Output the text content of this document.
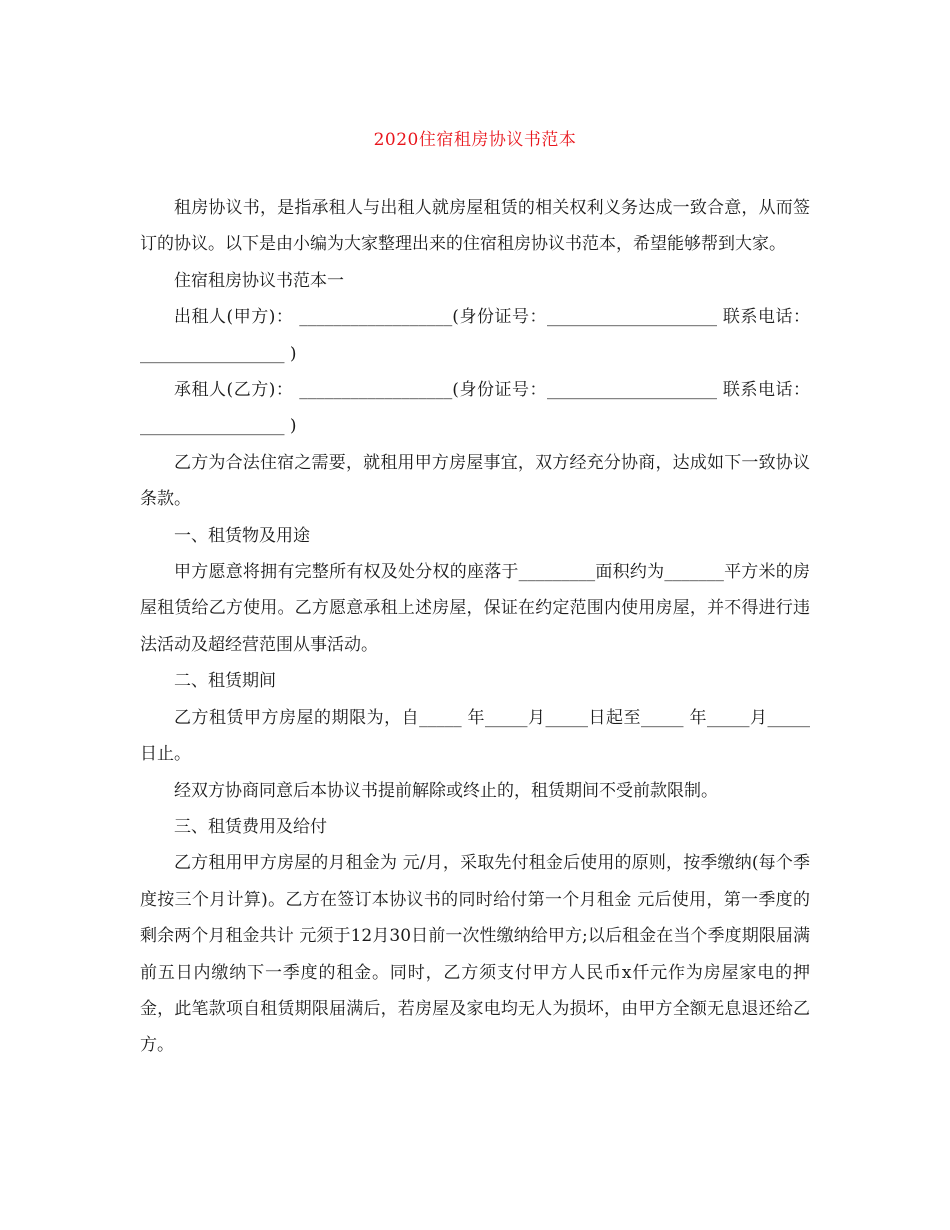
2020住宿租房协议书范本

租房协议书，是指承租人与出租人就房屋租赁的相关权利义务达成一致合意，从而签订的协议。以下是由小编为大家整理出来的住宿租房协议书范本，希望能够帮到大家。

住宿租房协议书范本一

出租人(甲方)： __________________(身份证号：____________________ 联系电话：_________________ )

承租人(乙方)： __________________(身份证号：____________________ 联系电话：_________________ )

乙方为合法住宿之需要，就租用甲方房屋事宜，双方经充分协商，达成如下一致协议条款。

一、租赁物及用途

甲方愿意将拥有完整所有权及处分权的座落于_________面积约为_______平方米的房屋租赁给乙方使用。乙方愿意承租上述房屋，保证在约定范围内使用房屋，并不得进行违法活动及超经营范围从事活动。

二、租赁期间

乙方租赁甲方房屋的期限为，自_____ 年_____月_____日起至_____ 年_____月_____日止。

经双方协商同意后本协议书提前解除或终止的，租赁期间不受前款限制。

三、租赁费用及给付

乙方租用甲方房屋的月租金为 元/月，采取先付租金后使用的原则，按季缴纳(每个季度按三个月计算)。乙方在签订本协议书的同时给付第一个月租金 元后使用，第一季度的剩余两个月租金共计 元须于12月30日前一次性缴纳给甲方;以后租金在当个季度期限届满前五日内缴纳下一季度的租金。同时，乙方须支付甲方人民币x仟元作为房屋家电的押金，此笔款项自租赁期限届满后，若房屋及家电均无人为损坏，由甲方全额无息退还给乙方。
